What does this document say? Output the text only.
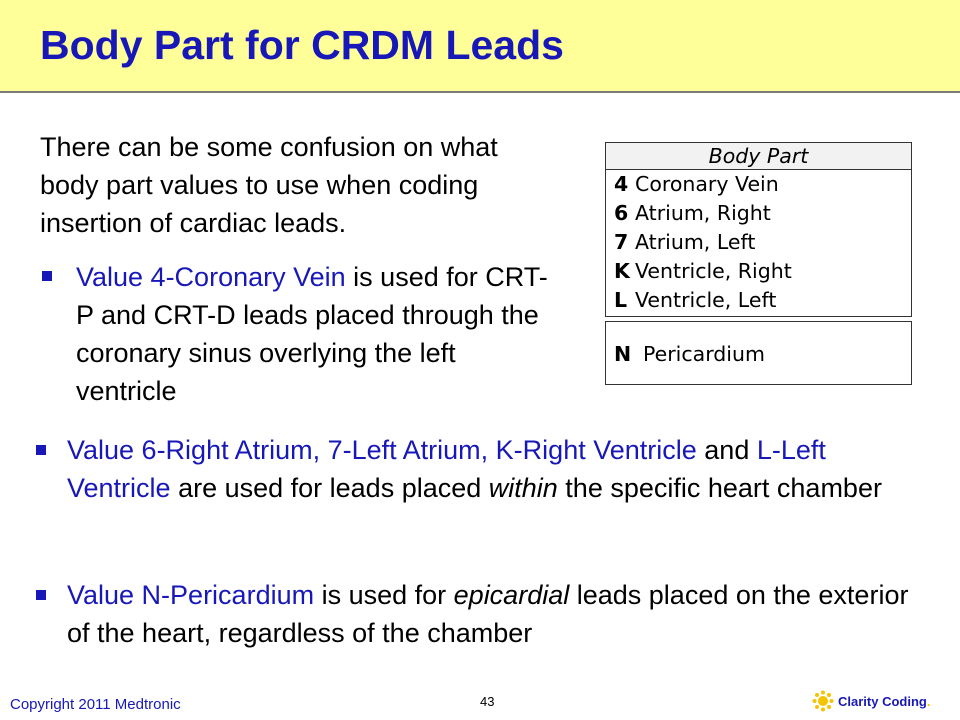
Body Part for CRDM Leads
There can be some confusion on what body part values to use when coding insertion of cardiac leads.
Value 4-Coronary Vein is used for CRT-P and CRT-D leads placed through the coronary sinus overlying the left ventricle
Body Part
4 Coronary Vein
6 Atrium, Right
7 Atrium, Left
K Ventricle, Right
L Ventricle, Left
N Pericardium
Value 6-Right Atrium, 7-Left Atrium, K-Right Ventricle and L-Left Ventricle are used for leads placed within the specific heart chamber
Value N-Pericardium is used for epicardial leads placed on the exterior of the heart, regardless of the chamber
Copyright 2011 Medtronic	43	Clarity Coding.
